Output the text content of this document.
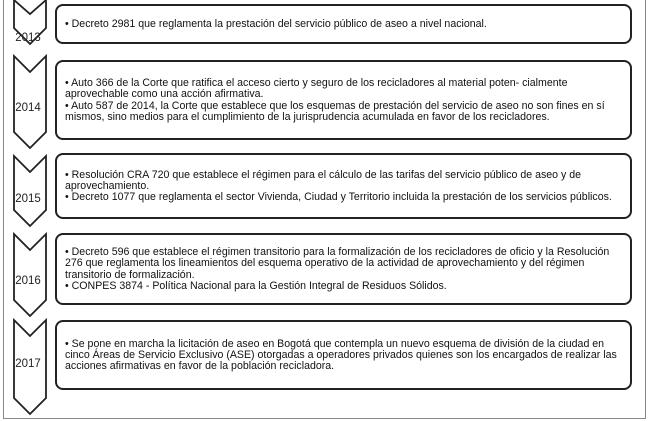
2013
2014
2015
2016
2017

• Decreto 2981 que reglamenta la prestación del servicio público de aseo a nivel nacional.

• Auto 366 de la Corte que ratifica el acceso cierto y seguro de los recicladores al material poten- cialmente aprovechable como una acción afirmativa.

• Auto 587 de 2014, la Corte que establece que los esquemas de prestación del servicio de aseo no son fines en sí mismos, sino medios para el cumplimiento de la jurisprudencia acumulada en favor de los recicladores.

• Resolución CRA 720 que establece el régimen para el cálculo de las tarifas del servicio público de aseo y de aprovechamiento.

• Decreto 1077 que reglamenta el sector Vivienda, Ciudad y Territorio incluida la prestación de los servicios públicos.

• Decreto 596 que establece el régimen transitorio para la formalización de los recicladores de oficio y la Resolución 276 que reglamenta los lineamientos del esquema operativo de la actividad de aprovechamiento y del régimen transitorio de formalización.

• CONPES 3874 - Política Nacional para la Gestión Integral de Residuos Sólidos.

• Se pone en marcha la licitación de aseo en Bogotá que contempla un nuevo esquema de división de la ciudad en cinco Áreas de Servicio Exclusivo (ASE) otorgadas a operadores privados quienes son los encargados de realizar las acciones afirmativas en favor de la población recicladora.
